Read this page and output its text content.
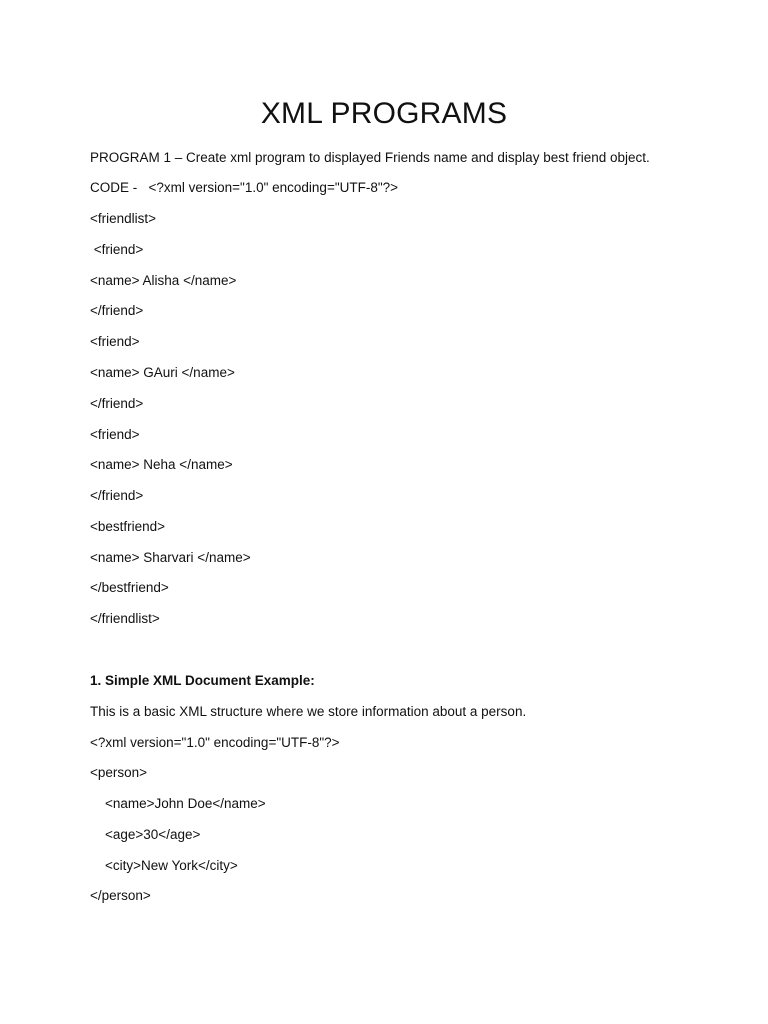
XML PROGRAMS
PROGRAM 1 – Create xml program to displayed Friends name and display best friend object.
CODE -   <?xml version="1.0" encoding="UTF-8"?>
<friendlist>
<friend>
<name> Alisha </name>
</friend>
<friend>
<name> GAuri </name>
</friend>
<friend>
<name> Neha </name>
</friend>
<bestfriend>
<name> Sharvari </name>
</bestfriend>
</friendlist>
1. Simple XML Document Example:
This is a basic XML structure where we store information about a person.
<?xml version="1.0" encoding="UTF-8"?>
<person>
<name>John Doe</name>
<age>30</age>
<city>New York</city>
</person>
